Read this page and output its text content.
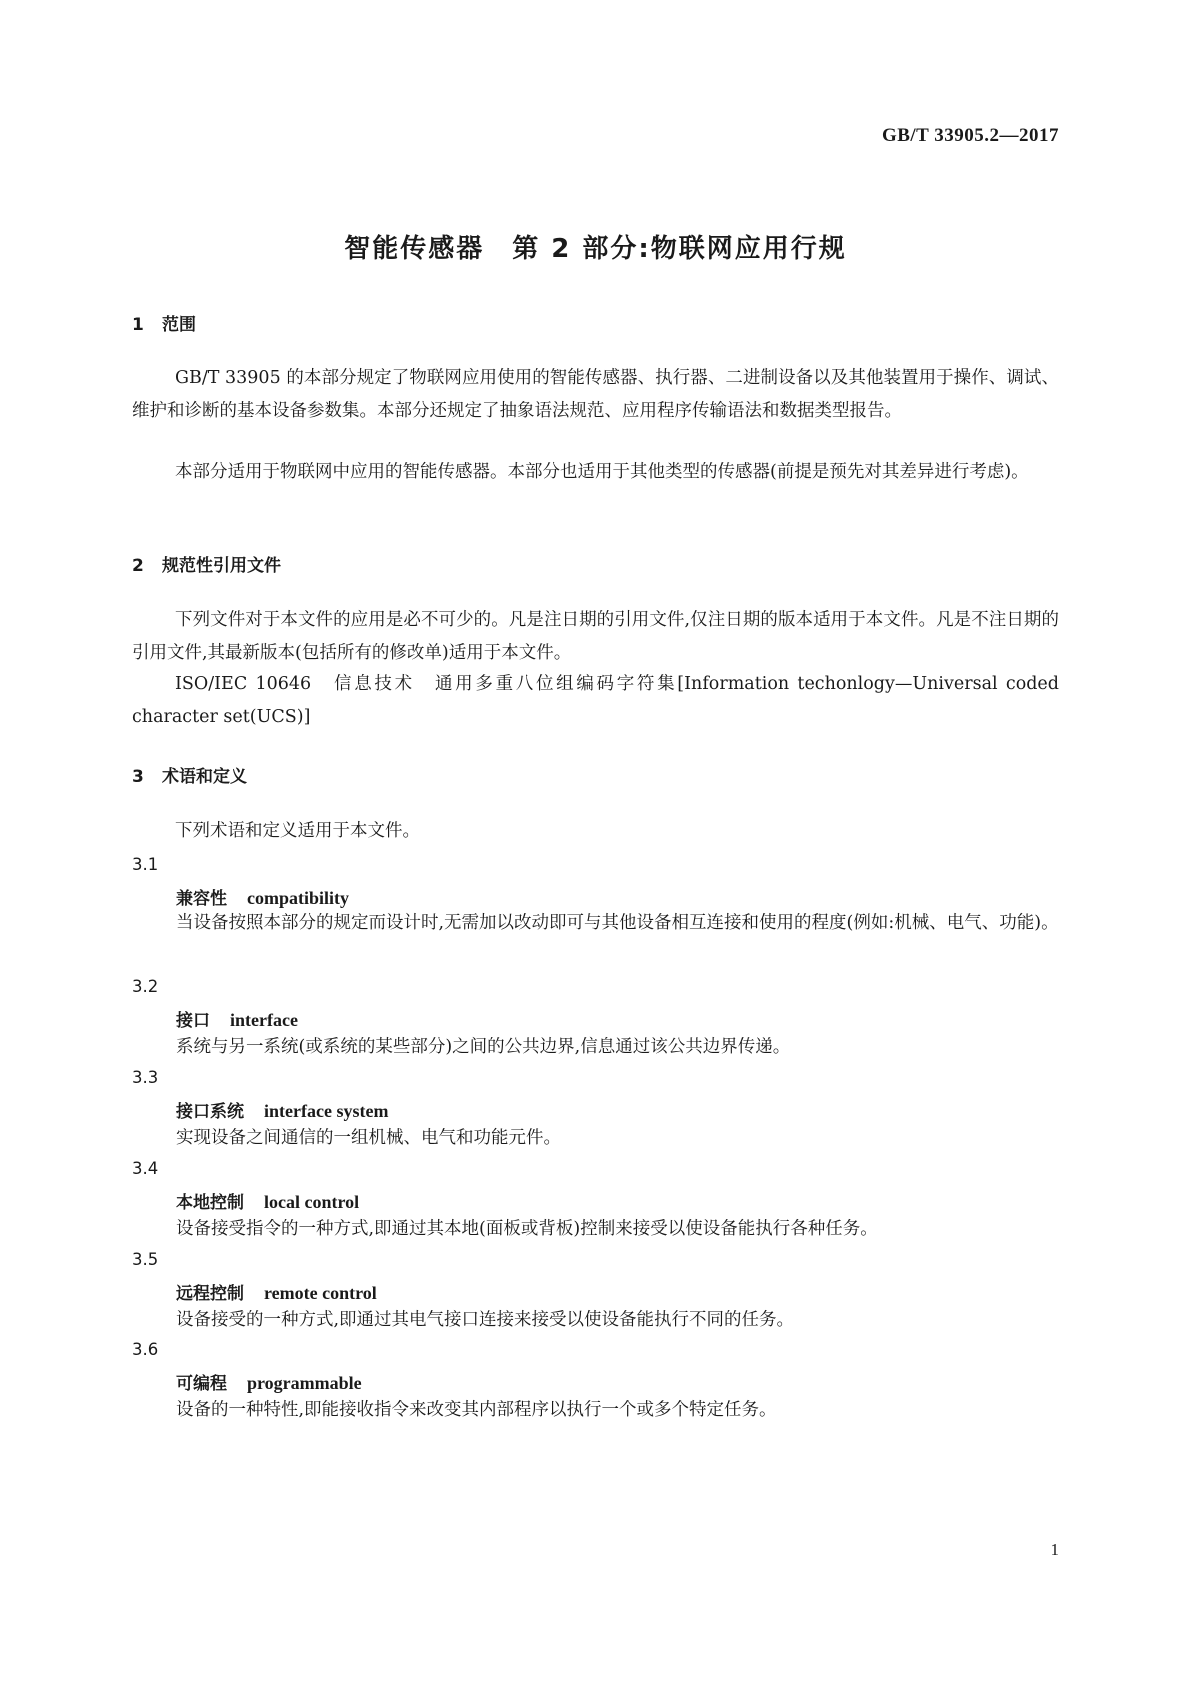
GB/T 33905.2—2017
智能传感器　第 2 部分:物联网应用行规
1 范围
GB/T 33905 的本部分规定了物联网应用使用的智能传感器、执行器、二进制设备以及其他装置用于操作、调试、维护和诊断的基本设备参数集。本部分还规定了抽象语法规范、应用程序传输语法和数据类型报告。
本部分适用于物联网中应用的智能传感器。本部分也适用于其他类型的传感器(前提是预先对其差异进行考虑)。
2 规范性引用文件
下列文件对于本文件的应用是必不可少的。凡是注日期的引用文件,仅注日期的版本适用于本文件。凡是不注日期的引用文件,其最新版本(包括所有的修改单)适用于本文件。
ISO/IEC 10646　信息技术　通用多重八位组编码字符集[Information techonlogy—Universal coded character set(UCS)]
3 术语和定义
下列术语和定义适用于本文件。
3.1
兼容性 compatibility
当设备按照本部分的规定而设计时,无需加以改动即可与其他设备相互连接和使用的程度(例如:机械、电气、功能)。
3.2
接口 interface
系统与另一系统(或系统的某些部分)之间的公共边界,信息通过该公共边界传递。
3.3
接口系统 interface system
实现设备之间通信的一组机械、电气和功能元件。
3.4
本地控制 local control
设备接受指令的一种方式,即通过其本地(面板或背板)控制来接受以使设备能执行各种任务。
3.5
远程控制 remote control
设备接受的一种方式,即通过其电气接口连接来接受以使设备能执行不同的任务。
3.6
可编程 programmable
设备的一种特性,即能接收指令来改变其内部程序以执行一个或多个特定任务。
1
